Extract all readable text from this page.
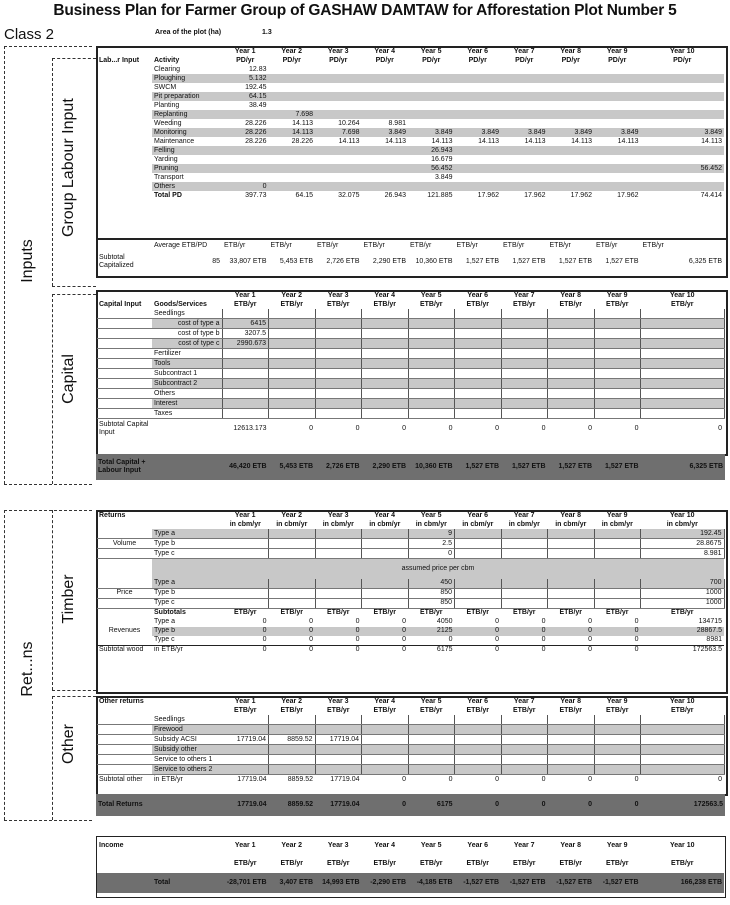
Business Plan for Farmer Group of GASHAW DAMTAW for Afforestation Plot Number 5
Class 2	Area of the plot (ha)	1.3
Inputs
Group Labour Input
Capital
Ret...ns
Timber
Other
		Year 1	Year 2	Year 3	Year 4	Year 5	Year 6	Year 7	Year 8	Year 9	Year 10
Lab...r Input	Activity	PD/yr	PD/yr	PD/yr	PD/yr	PD/yr	PD/yr	PD/yr	PD/yr	PD/yr	PD/yr
	Clearing	12.83									
	Ploughing	5.132									
	SWCM	192.45									
	Pit preparation	64.15									
	Planting	38.49									
	Replanting		7.698								
	Weeding	28.226	14.113	10.264	8.981						
	Monitoring	28.226	14.113	7.698	3.849	3.849	3.849	3.849	3.849	3.849	3.849
	Maintenance	28.226	28.226	14.113	14.113	14.113	14.113	14.113	14.113	14.113	14.113
	Felling					26.943					
	Yarding					16.679					
	Pruning					56.452					56.452
	Transport					3.849					
	Others	0									
	Total PD	397.73	64.15	32.075	26.943	121.885	17.962	17.962	17.962	17.962	74.414
	Average ETB/PD	ETB/yr	ETB/yr	ETB/yr	ETB/yr	ETB/yr	ETB/yr	ETB/yr	ETB/yr	ETB/yr	ETB/yr
Subtotal Capitalized	85	33,807 ETB	5,453 ETB	2,726 ETB	2,290 ETB	10,360 ETB	1,527 ETB	1,527 ETB	1,527 ETB	1,527 ETB	6,325 ETB
		Year 1	Year 2	Year 3	Year 4	Year 5	Year 6	Year 7	Year 8	Year 9	Year 10
Capital Input	Goods/Services	ETB/yr	ETB/yr	ETB/yr	ETB/yr	ETB/yr	ETB/yr	ETB/yr	ETB/yr	ETB/yr	ETB/yr
	Seedlings										
	cost of type a	6415									
	cost of type b	3207.5									
	cost of type c	2990.673									
	Fertilizer										
	Tools										
	Subcontract 1										
	Subcontract 2										
	Others										
	Interest										
	Taxes										
Subtotal Capital Input		12613.173	0	0	0	0	0	0	0	0	0
Total Capital + Labour Input		46,420 ETB	5,453 ETB	2,726 ETB	2,290 ETB	10,360 ETB	1,527 ETB	1,527 ETB	1,527 ETB	1,527 ETB	6,325 ETB
Returns		Year 1	Year 2	Year 3	Year 4	Year 5	Year 6	Year 7	Year 8	Year 9	Year 10
		in cbm/yr	in cbm/yr	in cbm/yr	in cbm/yr	in cbm/yr	in cbm/yr	in cbm/yr	in cbm/yr	in cbm/yr	in cbm/yr
	Type a					9					192.45
Volume	Type b					2.5					28.8675
	Type c					0					8.981
	assumed price per cbm										
	Type a					450					700
Price	Type b					850					1000
	Type c					850					1000
	Subtotals	ETB/yr	ETB/yr	ETB/yr	ETB/yr	ETB/yr	ETB/yr	ETB/yr	ETB/yr	ETB/yr	ETB/yr
	Type a	0	0	0	0	4050	0	0	0	0	134715
Revenues	Type b	0	0	0	0	2125	0	0	0	0	28867.5
	Type c	0	0	0	0	0	0	0	0	0	8981
Subtotal wood	in ETB/yr	0	0	0	0	6175	0	0	0	0	172563.5
Other returns		Year 1	Year 2	Year 3	Year 4	Year 5	Year 6	Year 7	Year 8	Year 9	Year 10
		ETB/yr	ETB/yr	ETB/yr	ETB/yr	ETB/yr	ETB/yr	ETB/yr	ETB/yr	ETB/yr	ETB/yr
	Seedlings										
	Firewood										
	Subsidy ACSI	17719.04	8859.52	17719.04							
	Subsidy other										
	Service to others 1										
	Service to others 2										
Subtotal other	in ETB/yr	17719.04	8859.52	17719.04	0	0	0	0	0	0	0
Total Returns		17719.04	8859.52	17719.04	0	6175	0	0	0	0	172563.5
Income		Year 1	Year 2	Year 3	Year 4	Year 5	Year 6	Year 7	Year 8	Year 9	Year 10
		ETB/yr	ETB/yr	ETB/yr	ETB/yr	ETB/yr	ETB/yr	ETB/yr	ETB/yr	ETB/yr	ETB/yr
	Total	-28,701 ETB	3,407 ETB	14,993 ETB	-2,290 ETB	-4,185 ETB	-1,527 ETB	-1,527 ETB	-1,527 ETB	-1,527 ETB	166,238 ETB
